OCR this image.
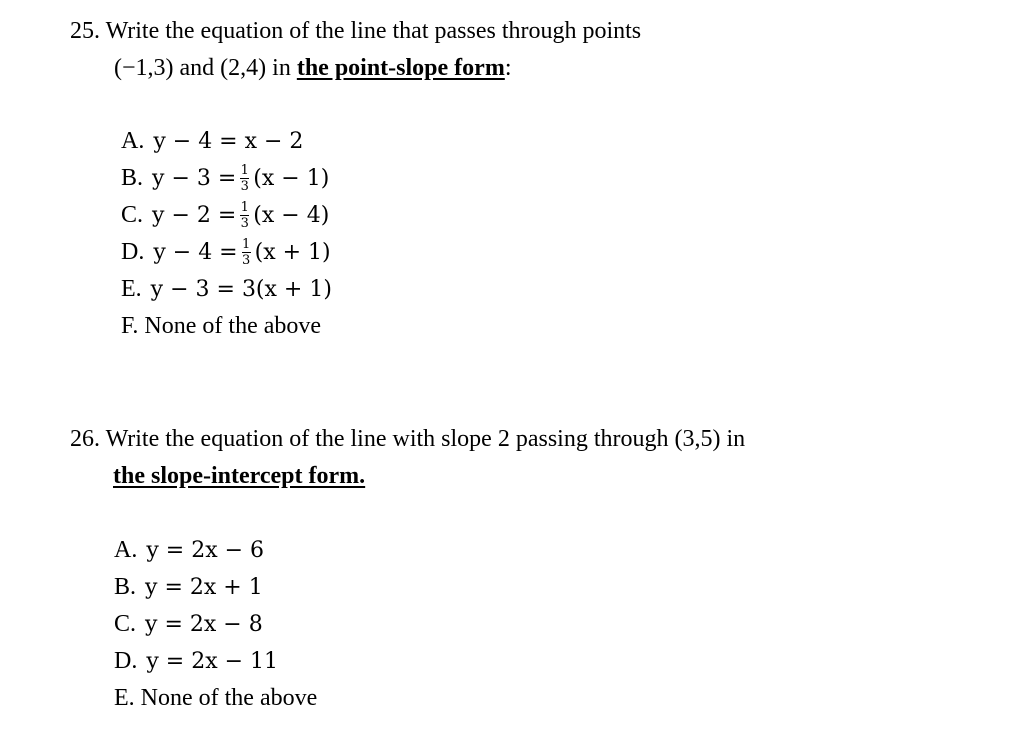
25. Write the equation of the line that passes through points
(−1,3) and (2,4) in the point-slope form:
A. y − 4 = x − 2
B. $y - 3 = \frac{1}{3} (x - 1)$
C. $y - 2 = \frac{1}{3} (x - 4)$
D. $y - 4 = \frac{1}{3} (x + 1)$
E. y − 3 = 3(x + 1)
F. None of the above
26. Write the equation of the line with slope 2 passing through (3,5) in
the slope-intercept form.
A. y = 2x − 6
B. y = 2x + 1
C. y = 2x − 8
D. y = 2x − 11
E. None of the above
